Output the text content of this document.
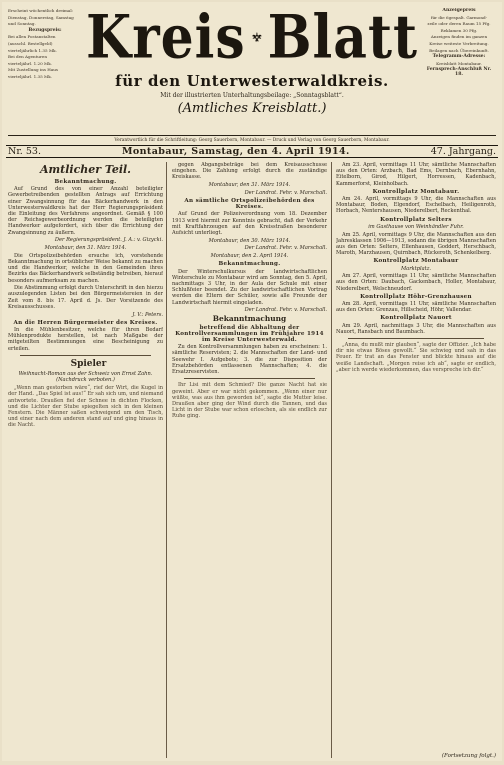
Erscheint wöchentlich dreimal:

Dienstag, Donnerstag, Samstag

und Sonntag.

Bezugspreis:

Bei allen Postanstalten

(ausschl. Bestellgeld)

vierteljährlich 1.35 Mk.

Bei den Agenturen

vierteljährl. 1.20 Mk.

Mit Zustellung ins Haus

vierteljährl. 1.35 Mk.

Kreis Blatt
für den Unterwesterwaldkreis.
Mit der illustrierten Unterhaltungsbeilage: „Sonntagsblatt“.
(Amtliches Kreisblatt.)

Anzeigepreis

für die 6gespalt. Garmond-

zeile oder deren Raum 15 Pfg.

Reklamen 30 Pfg.

Anzeigen finden im ganzen

Kreise weiteste Verbreitung.

Beilagen nach Übereinkunft.

Telegramm-Adresse:

Kreisblatt Montabaur.

Fernsprech-Anschluß Nr. 18.

Verantwortlich für die Schriftleitung: Georg Sauerborn, Montabaur. — Druck und Verlag von Georg Sauerborn, Montabaur.
Nr. 53.	Montabaur, Samstag, den 4. April 1914.	47. Jahrgang.
Amtlicher Teil.
Bekanntmachung.

Auf Grund des von einer Anzahl beteiligter Gewerbetreibenden gestellten Antrags auf Errichtung einer Zwangsinnung für das Bäckerhandwerk in den Unterwesterwaldkreis hat der Herr Regierungspräsident die Einleitung des Verfahrens angeordnet. Gemäß § 100 der Reichsgewerbeordnung werden die beteiligten Handwerker aufgefordert, sich über die Errichtung der Zwangsinnung zu äußern.

Der Regierungspräsident. J. A.: v. Gizycki.

Montabaur, den 31. März 1914.

Die Ortspolizeibehörden ersuche ich, vorstehende Bekanntmachung in ortsüblicher Weise bekannt zu machen und die Handwerker, welche in den Gemeinden ihres Bezirks das Bäckerhandwerk selbständig betreiben, hierauf besonders aufmerksam zu machen.

Die Abstimmung erfolgt durch Unterschrift in den hierzu auszulegenden Listen bei den Bürgermeistereien in der Zeit vom 8. bis 17. April d. Js. Der Vorsitzende des Kreisausschusses.

J. V.: Peters.

An die Herren Bürgermeister des Kreises.

In die Mühlenbesitzer, welche für ihren Bedarf Mühlenprodukte herstellen, ist nach Maßgabe der mitgeteilten Bestimmungen eine Bescheinigung zu erteilen.

Spieler

Weihnacht-Roman aus der Schweiz von Ernst Zahn. (Nachdruck verboten.)

„Wenn man gestorben wäre“, rief der Wirt, die Kugel in der Hand. „Das Spiel ist aus!“ Er sah sich um, und niemand antwortete. Draußen fiel der Schnee in dichten Flocken, und die Lichter der Stube spiegelten sich in den kleinen Fenstern. Die Männer saßen schweigend um den Tisch, und einer nach dem anderen stand auf und ging hinaus in die Nacht.

gegen Abgangsbeträge bei dem Kreisausschusse eingehen. Die Zahlung erfolgt durch die zuständige Kreiskasse.

Montabaur, den 31. März 1914.

Der Landrat. Fehr. v. Marschall.

An sämtliche Ortspolizeibehörden des Kreises.

Auf Grund der Polizeiverordnung vom 18. Dezember 1913 wird hiermit zur Kenntnis gebracht, daß der Verkehr mit Kraftfahrzeugen auf den Kreisstraßen besonderer Aufsicht unterliegt.

Montabaur, den 30. März 1914.

Der Landrat. Fehr. v. Marschall.

Montabaur, den 2. April 1914.

Bekanntmachung.

Der Winterschulkursus der landwirtschaftlichen Winterschule zu Montabaur wird am Sonntag, den 5. April, nachmittags 3 Uhr, in der Aula der Schule mit einer Schlußfeier beendet. Zu der landwirtschaftlichen Vortrag werden die Eltern der Schüler, sowie alle Freunde der Landwirtschaft hiermit eingeladen.

Der Landrat. Fehr. v. Marschall.

Bekanntmachung
betreffend die Abhaltung der Kontrollversammlungen im Frühjahre 1914 im Kreise Unterwesterwald.

Zu den Kontrollversammlungen haben zu erscheinen: 1. sämtliche Reservisten; 2. die Mannschaften der Land- und Seewehr I. Aufgebots; 3. die zur Disposition der Ersatzbehörden entlassenen Mannschaften; 4. die Ersatzreservisten.

Ihr Lisi mit dem Schmied? Die ganze Nacht hat sie geweint. Aber er war nicht gekommen. „Wenn einer nur wüßte, was aus ihm geworden ist“, sagte die Mutter leise. Draußen aber ging der Wind durch die Tannen, und das Licht in der Stube war schon erloschen, als sie endlich zur Ruhe ging.

Am 23. April, vormittags 11 Uhr, sämtliche Mannschaften aus den Orten: Arzbach, Bad Ems, Dernbach, Ebernhahn, Eitelborn, Girod, Hilgert, Horressen, Kadenbach, Kammerforst, Kleinholbach.

Kontrollplatz Montabaur.

Am 24. April, vormittags 9 Uhr, die Mannschaften aus Montabaur, Boden, Elgendorf, Eschelbach, Heiligenroth, Horbach, Nentershausen, Niederelbert, Reckenthal.

Kontrollplatz Selters

im Gasthause von Weinhändler Fuhr.

Am 25. April, vormittags 9 Uhr, die Mannschaften aus den Jahresklassen 1906—1913, sodann die übrigen Mannschaften aus den Orten: Selters, Ellenhausen, Goddert, Herschbach, Maroth, Marzhausen, Quirnbach, Rückeroth, Schenkelberg.

Kontrollplatz Montabaur

Marktplatz.

Am 27. April, vormittags 11 Uhr, sämtliche Mannschaften aus den Orten: Daubach, Gackenbach, Holler, Montabaur, Niederelbert, Welschneudorf.

Kontrollplatz Höhr-Grenzhausen

Am 28. April, vormittags 11 Uhr, sämtliche Mannschaften aus den Orten: Grenzau, Hillscheid, Höhr, Vallendar.

Kontrollplatz Nauort

Am 29. April, nachmittags 3 Uhr, die Mannschaften aus Nauort, Ransbach und Baumbach.

„Anna, du mußt mir glauben“, sagte der Offizier. „Ich habe dir nie etwas Böses gewollt.“ Sie schwieg und sah in das Feuer. Er trat an das Fenster und blickte hinaus auf die weiße Landschaft. „Morgen reise ich ab“, sagte er endlich, „aber ich werde wiederkommen, das verspreche ich dir.“

(Fortsetzung folgt.)
